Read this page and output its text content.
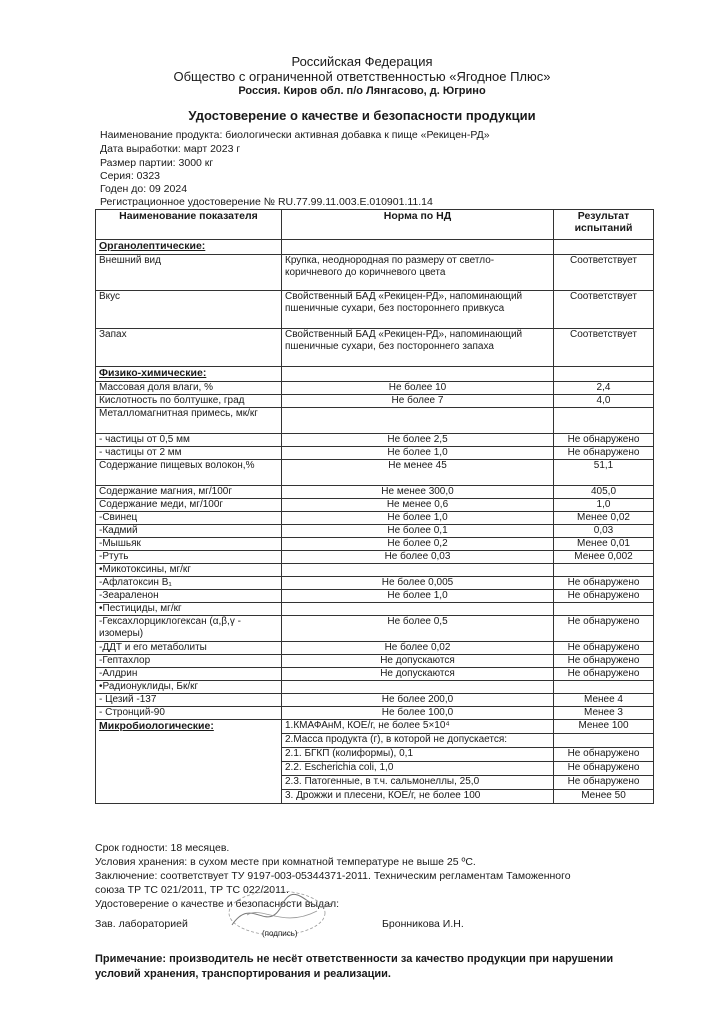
Российская Федерация
Общество с ограниченной ответственностью «Ягодное Плюс»
Россия. Киров обл. п/о Лянгасово, д. Югрино
Удостоверение о качестве и безопасности продукции
Наименование продукта: биологически активная добавка к пище «Рекицен-РД»
Дата выработки: март 2023 г
Размер партии: 3000 кг
Серия: 0323
Годен до: 09 2024
Регистрационное удостоверение № RU.77.99.11.003.Е.010901.11.14
Наименование показателя	Норма по НД	Результат испытаний
Органолептические:		
Внешний вид	Крупка, неоднородная по размеру от светло-коричневого до коричневого цвета	Соответствует
Вкус	Свойственный БАД «Рекицен-РД», напоминающий пшеничные сухари, без постороннего привкуса	Соответствует
Запах	Свойственный БАД «Рекицен-РД», напоминающий пшеничные сухари, без постороннего запаха	Соответствует
Физико-химические:		
Массовая доля влаги, %	Не более 10	2,4
Кислотность по болтушке, град	Не более 7	4,0
Металломагнитная примесь, мк/кг		
- частицы от 0,5 мм	Не более 2,5	Не обнаружено
- частицы от 2 мм	Не более 1,0	Не обнаружено
Содержание пищевых волокон,%	Не менее 45	51,1
Содержание магния, мг/100г	Не менее 300,0	405,0
Содержание меди, мг/100г	Не менее 0,6	1,0
-Свинец	Не более 1,0	Менее 0,02
-Кадмий	Не более 0,1	0,03
-Мышьяк	Не более 0,2	Менее 0,01
-Ртуть	Не более 0,03	Менее 0,002
•Микотоксины, мг/кг		
-Афлатоксин В₁	Не более 0,005	Не обнаружено
-Зеараленон	Не более 1,0	Не обнаружено
•Пестициды, мг/кг		
-Гексахлорциклогексан (α,β,γ - изомеры)	Не более 0,5	Не обнаружено
-ДДТ и его метаболиты	Не более 0,02	Не обнаружено
-Гептахлор	Не допускаются	Не обнаружено
-Алдрин	Не допускаются	Не обнаружено
•Радионуклиды, Бк/кг		
- Цезий -137	Не более 200,0	Менее 4
- Стронций-90	Не более 100,0	Менее 3
Микробиологические:	1.КМАФАнМ, КОЕ/г, не более 5×10⁴	Менее 100
	2.Масса продукта (г), в которой не допускается:	
	2.1. БГКП (колиформы), 0,1	Не обнаружено
	2.2. Escherichia coli, 1,0	Не обнаружено
	2.3. Патогенные, в т.ч. сальмонеллы, 25,0	Не обнаружено
	3. Дрожжи и плесени, КОЕ/г, не более 100	Менее 50
Срок годности: 18 месяцев.
Условия хранения: в сухом месте при комнатной температуре не выше 25 ºС.
Заключение: соответствует ТУ 9197-003-05344371-2011. Техническим регламентам Таможенного
союза ТР ТС 021/2011, ТР ТС 022/2011.
Удостоверение о качестве и безопасности выдал:
Зав. лабораторией
(подпись)
Бронникова И.Н.
Примечание: производитель не несёт ответственности за качество продукции при нарушении условий хранения, транспортирования и реализации.
